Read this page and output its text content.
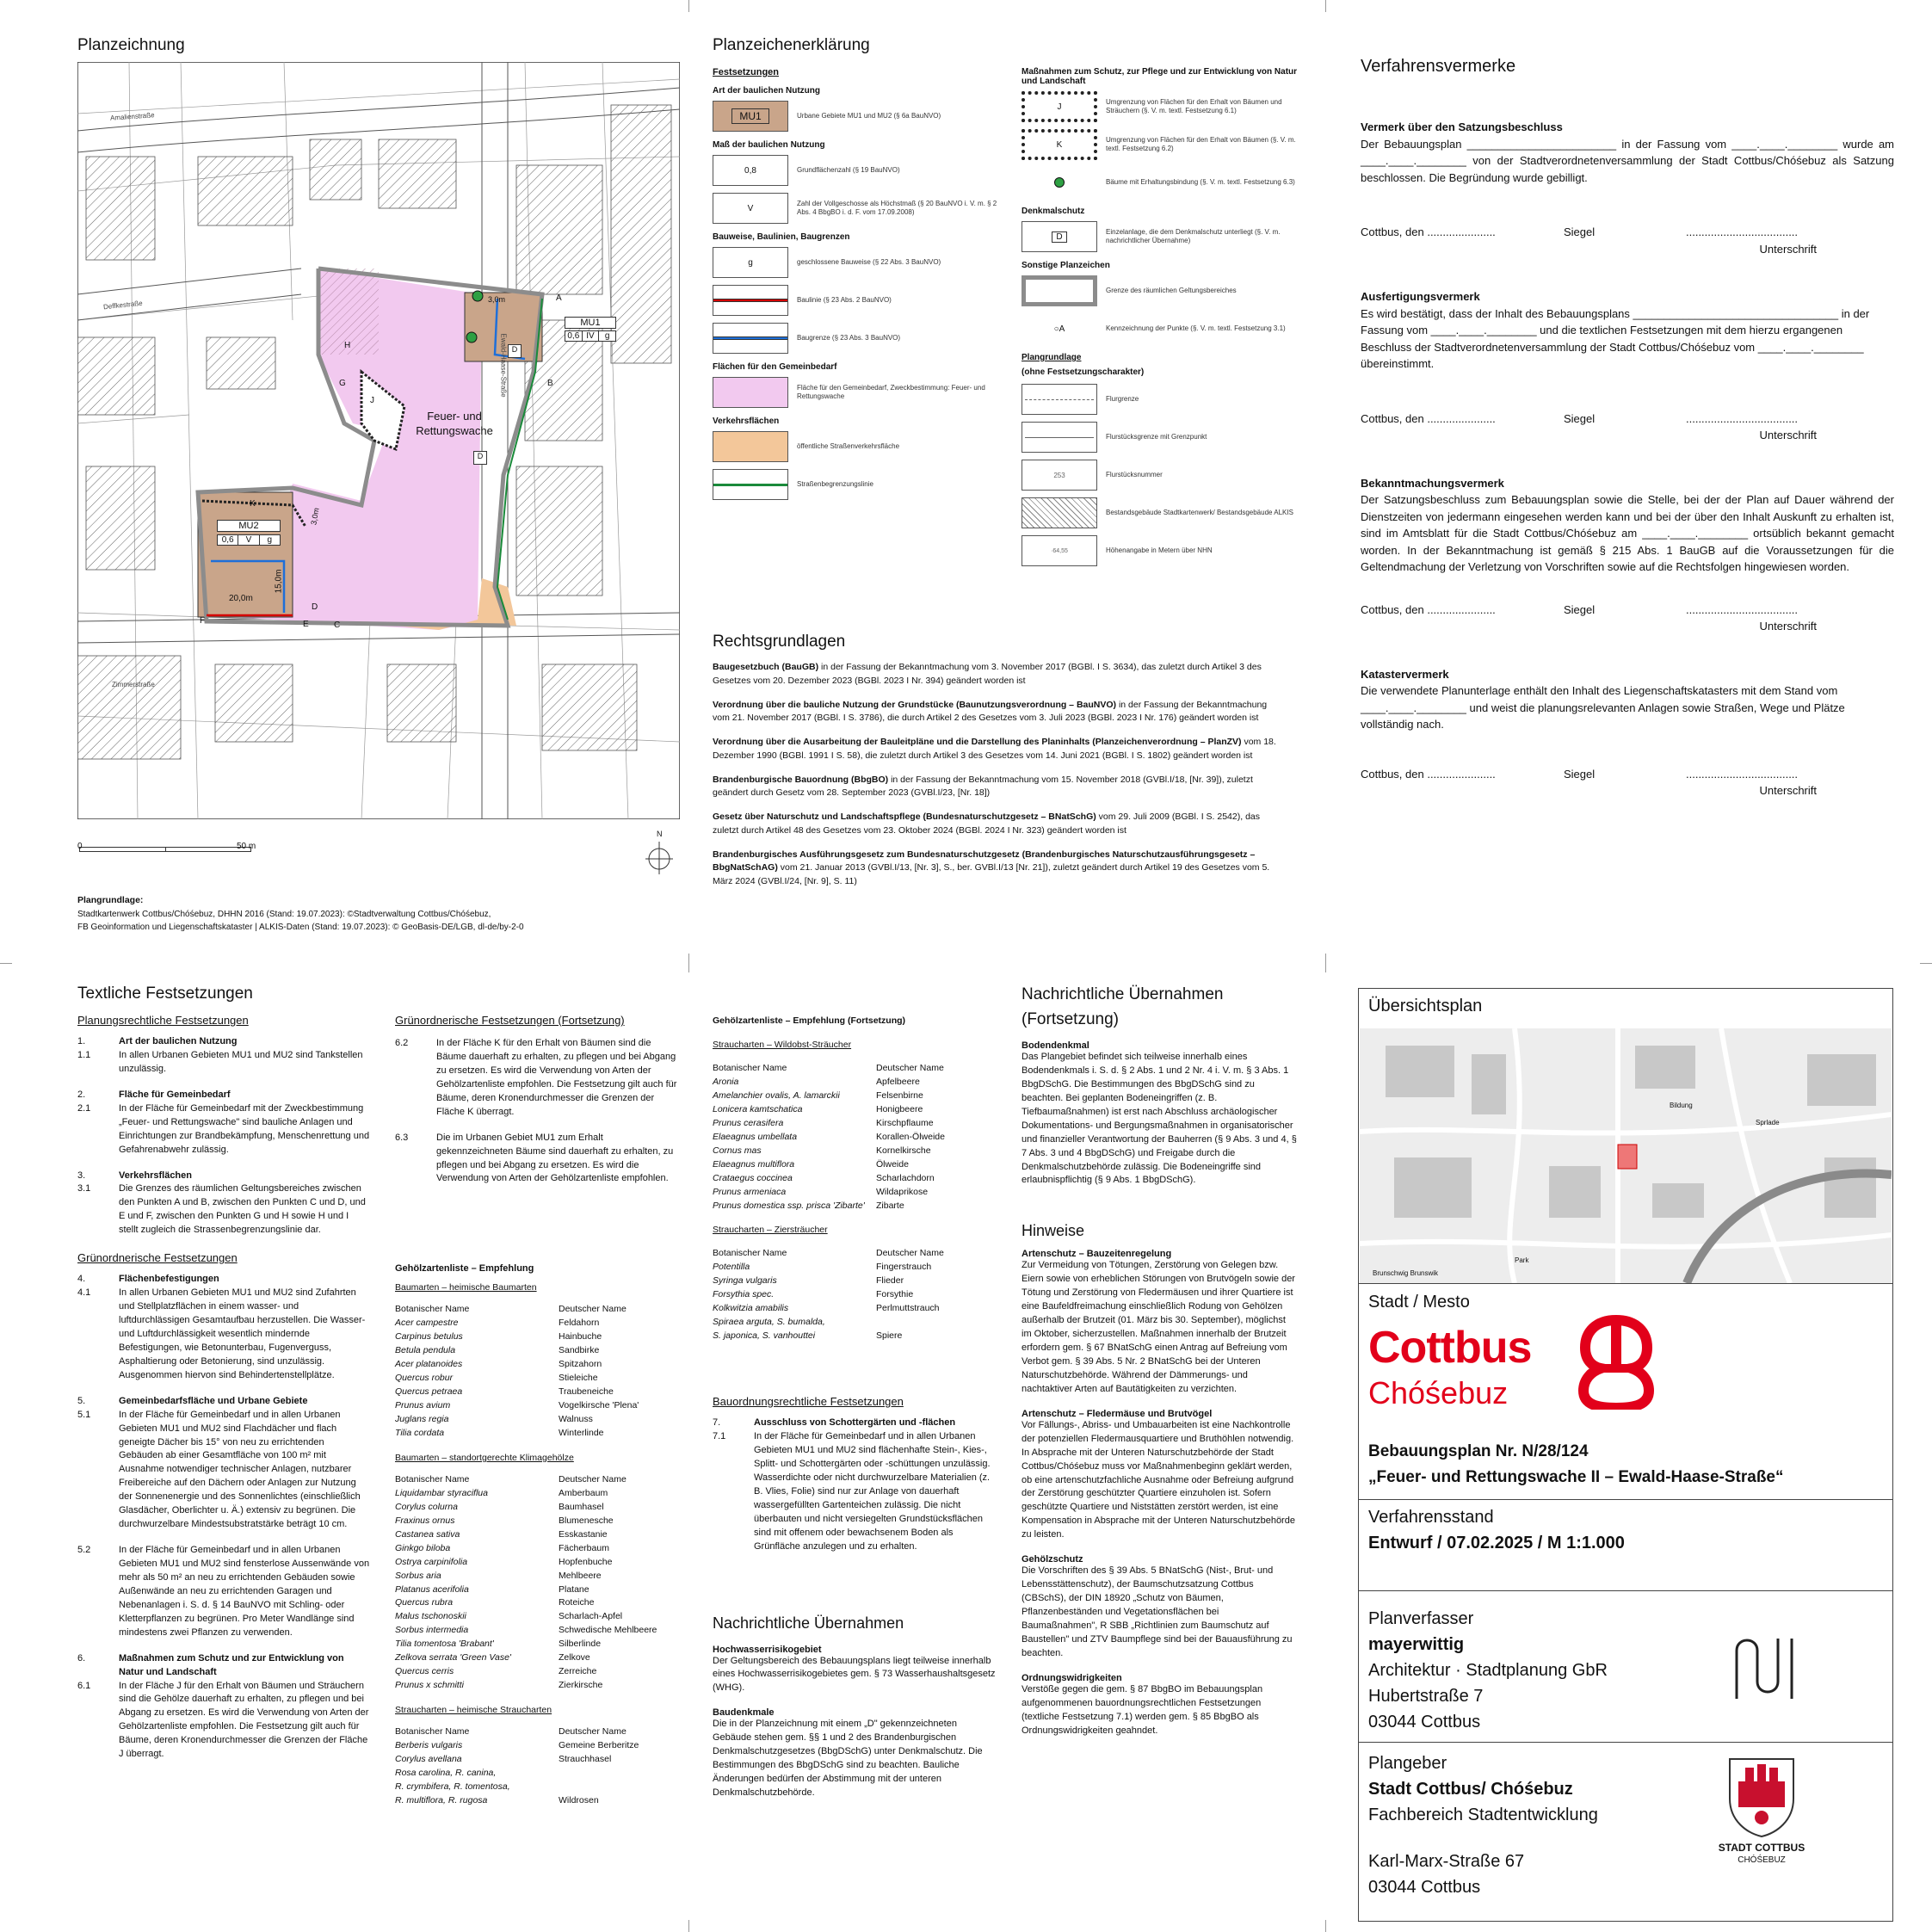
Planzeichnung
Amalienstraße
Zimmerstraße
Deffkestraße
Ewald-Haase-Straße
Feuer- und Rettungswache
D
D
J
K
MU1
0,6 IV	g
MU2
0,6	V	g
3,0m
3,0m
20,0m
15,0m
A
B
C
D
E
F
G
H
0	50 m
N
Plangrundlage:
Stadtkartenwerk Cottbus/Chóśebuz, DHHN 2016 (Stand: 19.07.2023): ©Stadtverwaltung Cottbus/Chóśebuz,
FB Geoinformation und Liegenschaftskataster | ALKIS-Daten (Stand: 19.07.2023): © GeoBasis-DE/LGB, dl-de/by-2-0
Planzeichenerklärung
Festsetzungen
Art der baulichen Nutzung
MU1	Urbane Gebiete MU1 und MU2 (§ 6a BauNVO)
Maß der baulichen Nutzung
0,8	Grundflächenzahl (§ 19 BauNVO)
V
Zahl der Vollgeschosse als Höchstmaß (§ 20 BauNVO i. V. m. § 2 Abs. 4 BbgBO i. d. F. vom 17.09.2008)
Bauweise, Baulinien, Baugrenzen
g	geschlossene Bauweise (§ 22 Abs. 3 BauNVO)
Baulinie (§ 23 Abs. 2 BauNVO)
Baugrenze (§ 23 Abs. 3 BauNVO)
Flächen für den Gemeinbedarf
Fläche für den Gemeinbedarf, Zweckbestimmung: Feuer- und Rettungswache
Verkehrsflächen
öffentliche Straßenverkehrsfläche
Straßenbegrenzungslinie
Maßnahmen zum Schutz, zur Pflege und zur Entwicklung von Natur und Landschaft
J
Umgrenzung von Flächen für den Erhalt von Bäumen und Sträuchern (§. V. m. textl. Festsetzung 6.1)
K
Umgrenzung von Flächen für den Erhalt von Bäumen (§. V. m. textl. Festsetzung 6.2)
Bäume mit Erhaltungsbindung (§. V. m. textl. Festsetzung 6.3)
Denkmalschutz
D
Einzelanlage, die dem Denkmalschutz unterliegt (§. V. m. nachrichtlicher Übernahme)
Sonstige Planzeichen
Grenze des räumlichen Geltungsbereiches
○A	Kennzeichnung der Punkte (§. V. m. textl. Festsetzung 3.1)
Plangrundlage
(ohne Festsetzungscharakter)
Flurgrenze
Flurstücksgrenze mit Grenzpunkt
253	Flurstücksnummer
Bestandsgebäude Stadtkartenwerk/ Bestandsgebäude ALKIS
·64,55	Höhenangabe in Metern über NHN
Rechtsgrundlagen
Baugesetzbuch (BauGB) in der Fassung der Bekanntmachung vom 3. November 2017 (BGBl. I S. 3634), das zuletzt durch Artikel 3 des Gesetzes vom 20. Dezember 2023 (BGBl. 2023 I Nr. 394) geändert worden ist
Verordnung über die bauliche Nutzung der Grundstücke (Baunutzungsverordnung – BauNVO) in der Fassung der Bekanntmachung vom 21. November 2017 (BGBl. I S. 3786), die durch Artikel 2 des Gesetzes vom 3. Juli 2023 (BGBl. 2023 I Nr. 176) geändert worden ist
Verordnung über die Ausarbeitung der Bauleitpläne und die Darstellung des Planinhalts (Planzeichenverordnung – PlanZV) vom 18. Dezember 1990 (BGBl. 1991 I S. 58), die zuletzt durch Artikel 3 des Gesetzes vom 14. Juni 2021 (BGBl. I S. 1802) geändert worden ist
Brandenburgische Bauordnung (BbgBO) in der Fassung der Bekanntmachung vom 15. November 2018 (GVBl.I/18, [Nr. 39]), zuletzt geändert durch Gesetz vom 28. September 2023 (GVBl.I/23, [Nr. 18])
Gesetz über Naturschutz und Landschaftspflege (Bundesnaturschutzgesetz – BNatSchG) vom 29. Juli 2009 (BGBl. I S. 2542), das zuletzt durch Artikel 48 des Gesetzes vom 23. Oktober 2024 (BGBl. 2024 I Nr. 323) geändert worden ist
Brandenburgisches Ausführungsgesetz zum Bundesnaturschutzgesetz (Brandenburgisches Naturschutzausführungsgesetz – BbgNatSchAG) vom 21. Januar 2013 (GVBl.I/13, [Nr. 3], S., ber. GVBl.I/13 [Nr. 21]), zuletzt geändert durch Artikel 19 des Gesetzes vom 5. März 2024 (GVBl.I/24, [Nr. 9], S. 11)
Verfahrensvermerke
Vermerk über den Satzungsbeschluss
Der Bebauungsplan ________________________ in der Fassung vom ____.____.________ wurde am ____.____.________ von der Stadtverordnetenversammlung der Stadt Cottbus/Chóśebuz als Satzung beschlossen. Die Begründung wurde gebilligt.
Cottbus, den ......................	Siegel	....................................
Unterschrift
Ausfertigungsvermerk
Es wird bestätigt, dass der Inhalt des Bebauungsplans _________________________________ in der Fassung vom ____.____.________ und die textlichen Festsetzungen mit dem hierzu ergangenen Beschluss der Stadtverordnetenversammlung der Stadt Cottbus/Chóśebuz vom ____.____.________ übereinstimmt.
Cottbus, den ......................	Siegel	....................................
Unterschrift
Bekanntmachungsvermerk
Der Satzungsbeschluss zum Bebauungsplan sowie die Stelle, bei der der Plan auf Dauer während der Dienstzeiten von jedermann eingesehen werden kann und bei der über den Inhalt Auskunft zu erhalten ist, sind im Amtsblatt für die Stadt Cottbus/Chóśebuz am ____.____.________ ortsüblich bekannt gemacht worden. In der Bekanntmachung ist gemäß § 215 Abs. 1 BauGB auf die Voraussetzungen für die Geltendmachung der Verletzung von Vorschriften sowie auf die Rechtsfolgen hingewiesen worden.
Cottbus, den ......................	Siegel	....................................
Unterschrift
Katastervermerk
Die verwendete Planunterlage enthält den Inhalt des Liegenschaftskatasters mit dem Stand vom ____.____.________ und weist die planungsrelevanten Anlagen sowie Straßen, Wege und Plätze vollständig nach.
Cottbus, den ......................	Siegel	....................................
Unterschrift
Textliche Festsetzungen
Planungsrechtliche Festsetzungen
1.	Art der baulichen Nutzung
1.1	In allen Urbanen Gebieten MU1 und MU2 sind Tankstellen unzulässig.
2.	Fläche für Gemeinbedarf
2.1	In der Fläche für Gemeinbedarf mit der Zweckbestimmung „Feuer- und Rettungswache" sind bauliche Anlagen und Einrichtungen zur Brandbekämpfung, Menschenrettung und Gefahrenabwehr zulässig.
3.	Verkehrsflächen
3.1	Die Grenzes des räumlichen Geltungsbereiches zwischen den Punkten A und B, zwischen den Punkten C und D, und E und F, zwischen den Punkten G und H sowie H und I stellt zugleich die Strassenbegrenzungslinie dar.
Grünordnerische Festsetzungen
4.	Flächenbefestigungen
4.1	In allen Urbanen Gebieten MU1 und MU2 sind Zufahrten und Stellplatzflächen in einem wasser- und luftdurchlässigen Gesamtaufbau herzustellen. Die Wasser- und Luftdurchlässigkeit wesentlich mindernde Befestigungen, wie Betonunterbau, Fugenverguss, Asphaltierung oder Betonierung, sind unzulässig. Ausgenommen hiervon sind Behindertenstellplätze.
5.	Gemeinbedarfsfläche und Urbane Gebiete
5.1	In der Fläche für Gemeinbedarf und in allen Urbanen Gebieten MU1 und MU2 sind Flachdächer und flach geneigte Dächer bis 15° von neu zu errichtenden Gebäuden ab einer Gesamtfläche von 100 m² mit Ausnahme notwendiger technischer Anlagen, nutzbarer Freibereiche auf den Dächern oder Anlagen zur Nutzung der Sonnenenergie und des Sonnenlichtes (einschließlich Glasdächer, Oberlichter u. Ä.) extensiv zu begrünen. Die durchwurzelbare Mindestsubstratstärke beträgt 10 cm.
5.2	In der Fläche für Gemeinbedarf und in allen Urbanen Gebieten MU1 und MU2 sind fensterlose Aussenwände von mehr als 50 m² an neu zu errichtenden Gebäuden sowie Außenwände an neu zu errichtenden Garagen und Nebenanlagen i. S. d. § 14 BauNVO mit Schling- oder Kletterpflanzen zu begrünen. Pro Meter Wandlänge sind mindestens zwei Pflanzen zu verwenden.
6.	Maßnahmen zum Schutz und zur Entwicklung von Natur und Landschaft
6.1	In der Fläche J für den Erhalt von Bäumen und Sträuchern sind die Gehölze dauerhaft zu erhalten, zu pflegen und bei Abgang zu ersetzen. Es wird die Verwendung von Arten der Gehölzartenliste empfohlen. Die Festsetzung gilt auch für Bäume, deren Kronendurchmesser die Grenzen der Fläche J überragt.
Grünordnerische Festsetzungen (Fortsetzung)
6.2	In der Fläche K für den Erhalt von Bäumen sind die Bäume dauerhaft zu erhalten, zu pflegen und bei Abgang zu ersetzen. Es wird die Verwendung von Arten der Gehölzartenliste empfohlen. Die Festsetzung gilt auch für Bäume, deren Kronendurchmesser die Grenzen der Fläche K überragt.
6.3	Die im Urbanen Gebiet MU1 zum Erhalt gekennzeichneten Bäume sind dauerhaft zu erhalten, zu pflegen und bei Abgang zu ersetzen. Es wird die Verwendung von Arten der Gehölzartenliste empfohlen.
Gehölzartenliste – Empfehlung
Baumarten – heimische Baumarten
Botanischer Name	Deutscher Name
Acer campestre	Feldahorn
Carpinus betulus	Hainbuche
Betula pendula	Sandbirke
Acer platanoides	Spitzahorn
Quercus robur	Stieleiche
Quercus petraea	Traubeneiche
Prunus avium	Vogelkirsche 'Plena'
Juglans regia	Walnuss
Tilia cordata	Winterlinde
Baumarten – standortgerechte Klimagehölze
Botanischer Name	Deutscher Name
Liquidambar styraciflua	Amberbaum
Corylus colurna	Baumhasel
Fraxinus ornus	Blumenesche
Castanea sativa	Esskastanie
Ginkgo biloba	Fächerbaum
Ostrya carpinifolia	Hopfenbuche
Sorbus aria	Mehlbeere
Platanus acerifolia	Platane
Quercus rubra	Roteiche
Malus tschonoskii	Scharlach-Apfel
Sorbus intermedia	Schwedische Mehlbeere
Tilia tomentosa 'Brabant'	Silberlinde
Zelkova serrata 'Green Vase'	Zelkove
Quercus cerris	Zerreiche
Prunus x schmitti	Zierkirsche
Straucharten – heimische Straucharten
Botanischer Name	Deutscher Name
Berberis vulgaris	Gemeine Berberitze
Corylus avellana	Strauchhasel
Rosa carolina, R. canina,
R. crymbifera, R. tomentosa,
R. multiflora, R. rugosa	Wildrosen
Gehölzartenliste – Empfehlung (Fortsetzung)
Straucharten – Wildobst-Sträucher
Botanischer Name	Deutscher Name
Aronia	Apfelbeere
Amelanchier ovalis, A. lamarckii	Felsenbirne
Lonicera kamtschatica	Honigbeere
Prunus cerasifera	Kirschpflaume
Elaeagnus umbellata	Korallen-Ölweide
Cornus mas	Kornelkirsche
Elaeagnus multiflora	Ölweide
Crataegus coccinea	Scharlachdorn
Prunus armeniaca	Wildaprikose
Prunus domestica ssp. prisca 'Zibarte'	Zibarte
Straucharten – Ziersträucher
Botanischer Name	Deutscher Name
Potentilla	Fingerstrauch
Syringa vulgaris	Flieder
Forsythia spec.	Forsythie
Kolkwitzia amabilis	Perlmuttstrauch
Spiraea arguta, S. bumalda,
S. japonica, S. vanhouttei	Spiere
Bauordnungsrechtliche Festsetzungen
7.	Ausschluss von Schottergärten und -flächen
7.1	In der Fläche für Gemeinbedarf und in allen Urbanen Gebieten MU1 und MU2 sind flächenhafte Stein-, Kies-, Splitt- und Schottergärten oder -schüttungen unzulässig. Wasserdichte oder nicht durchwurzelbare Materialien (z. B. Vlies, Folie) sind nur zur Anlage von dauerhaft wassergefüllten Gartenteichen zulässig. Die nicht überbauten und nicht versiegelten Grundstücksflächen sind mit offenem oder bewachsenem Boden als Grünfläche anzulegen und zu erhalten.
Nachrichtliche Übernahmen
Hochwasserrisikogebiet
Der Geltungsbereich des Bebauungsplans liegt teilweise innerhalb eines Hochwasserrisikogebietes gem. § 73 Wasserhaushaltsgesetz (WHG).
Baudenkmale
Die in der Planzeichnung mit einem „D" gekennzeichneten Gebäude stehen gem. §§ 1 und 2 des Brandenburgischen Denkmalschutzgesetzes (BbgDSchG) unter Denkmalschutz. Die Bestimmungen des BbgDSchG sind zu beachten. Bauliche Änderungen bedürfen der Abstimmung mit der unteren Denkmalschutzbehörde.
Nachrichtliche Übernahmen (Fortsetzung)
Bodendenkmal
Das Plangebiet befindet sich teilweise innerhalb eines Bodendenkmals i. S. d. § 2 Abs. 1 und 2 Nr. 4 i. V. m. § 3 Abs. 1 BbgDSchG. Die Bestimmungen des BbgDSchG sind zu beachten. Bei geplanten Bodeneingriffen (z. B. Tiefbaumaßnahmen) ist erst nach Abschluss archäologischer Dokumentations- und Bergungsmaßnahmen in organisatorischer und finanzieller Verantwortung der Bauherren (§ 9 Abs. 3 und 4, § 7 Abs. 3 und 4 BbgDSchG) und Freigabe durch die Denkmalschutzbehörde zulässig. Die Bodeneingriffe sind erlaubnispflichtig (§ 9 Abs. 1 BbgDSchG).
Hinweise
Artenschutz – Bauzeitenregelung
Zur Vermeidung von Tötungen, Zerstörung von Gelegen bzw. Eiern sowie von erheblichen Störungen von Brutvögeln sowie der Tötung und Zerstörung von Fledermäusen und ihrer Quartiere ist eine Baufeldfreimachung einschließlich Rodung von Gehölzen außerhalb der Brutzeit (01. März bis 30. September), möglichst im Oktober, sicherzustellen. Maßnahmen innerhalb der Brutzeit erfordern gem. § 67 BNatSchG einen Antrag auf Befreiung vom Verbot gem. § 39 Abs. 5 Nr. 2 BNatSchG bei der Unteren Naturschutzbehörde. Während der Dämmerungs- und nachtaktiver Arten auf Bautätigkeiten zu verzichten.
Artenschutz – Fledermäuse und Brutvögel
Vor Fällungs-, Abriss- und Umbauarbeiten ist eine Nachkontrolle der potenziellen Fledermausquartiere und Bruthöhlen notwendig. In Absprache mit der Unteren Naturschutzbehörde der Stadt Cottbus/Chóśebuz muss vor Maßnahmenbeginn geklärt werden, ob eine artenschutzfachliche Ausnahme oder Befreiung aufgrund der Zerstörung geschützter Quartiere einzuholen ist. Sofern geschützte Quartiere und Niststätten zerstört werden, ist eine Kompensation in Absprache mit der Unteren Naturschutzbehörde zu leisten.
Gehölzschutz
Die Vorschriften des § 39 Abs. 5 BNatSchG (Nist-, Brut- und Lebensstättenschutz), der Baumschutzsatzung Cottbus (CBSchS), der DIN 18920 „Schutz von Bäumen, Pflanzenbeständen und Vegetationsflächen bei Baumaßnahmen", R SBB „Richtlinien zum Baumschutz auf Baustellen" und ZTV Baumpflege sind bei der Bauausführung zu beachten.
Ordnungswidrigkeiten
Verstöße gegen die gem. § 87 BbgBO im Bebauungsplan aufgenommenen bauordnungsrechtlichen Festsetzungen (textliche Festsetzung 7.1) werden gem. § 85 BbgBO als Ordnungswidrigkeiten geahndet.
Übersichtsplan
Brunschwig Brunswik
Park
Sprlade
Bildung
Stadt / Mesto
Cottbus
Chóśebuz
Bebauungsplan Nr. N/28/124
„Feuer- und Rettungswache II – Ewald-Haase-Straße“
Verfahrensstand
Entwurf / 07.02.2025 / M 1:1.000
Planverfasser
mayerwittig
Architektur · Stadtplanung GbR
Hubertstraße 7
03044 Cottbus
Plangeber
Stadt Cottbus/ Chóśebuz
Fachbereich Stadtentwicklung
Karl-Marx-Straße 67
03044 Cottbus
STADT COTTBUS
CHÓŚEBUZ
